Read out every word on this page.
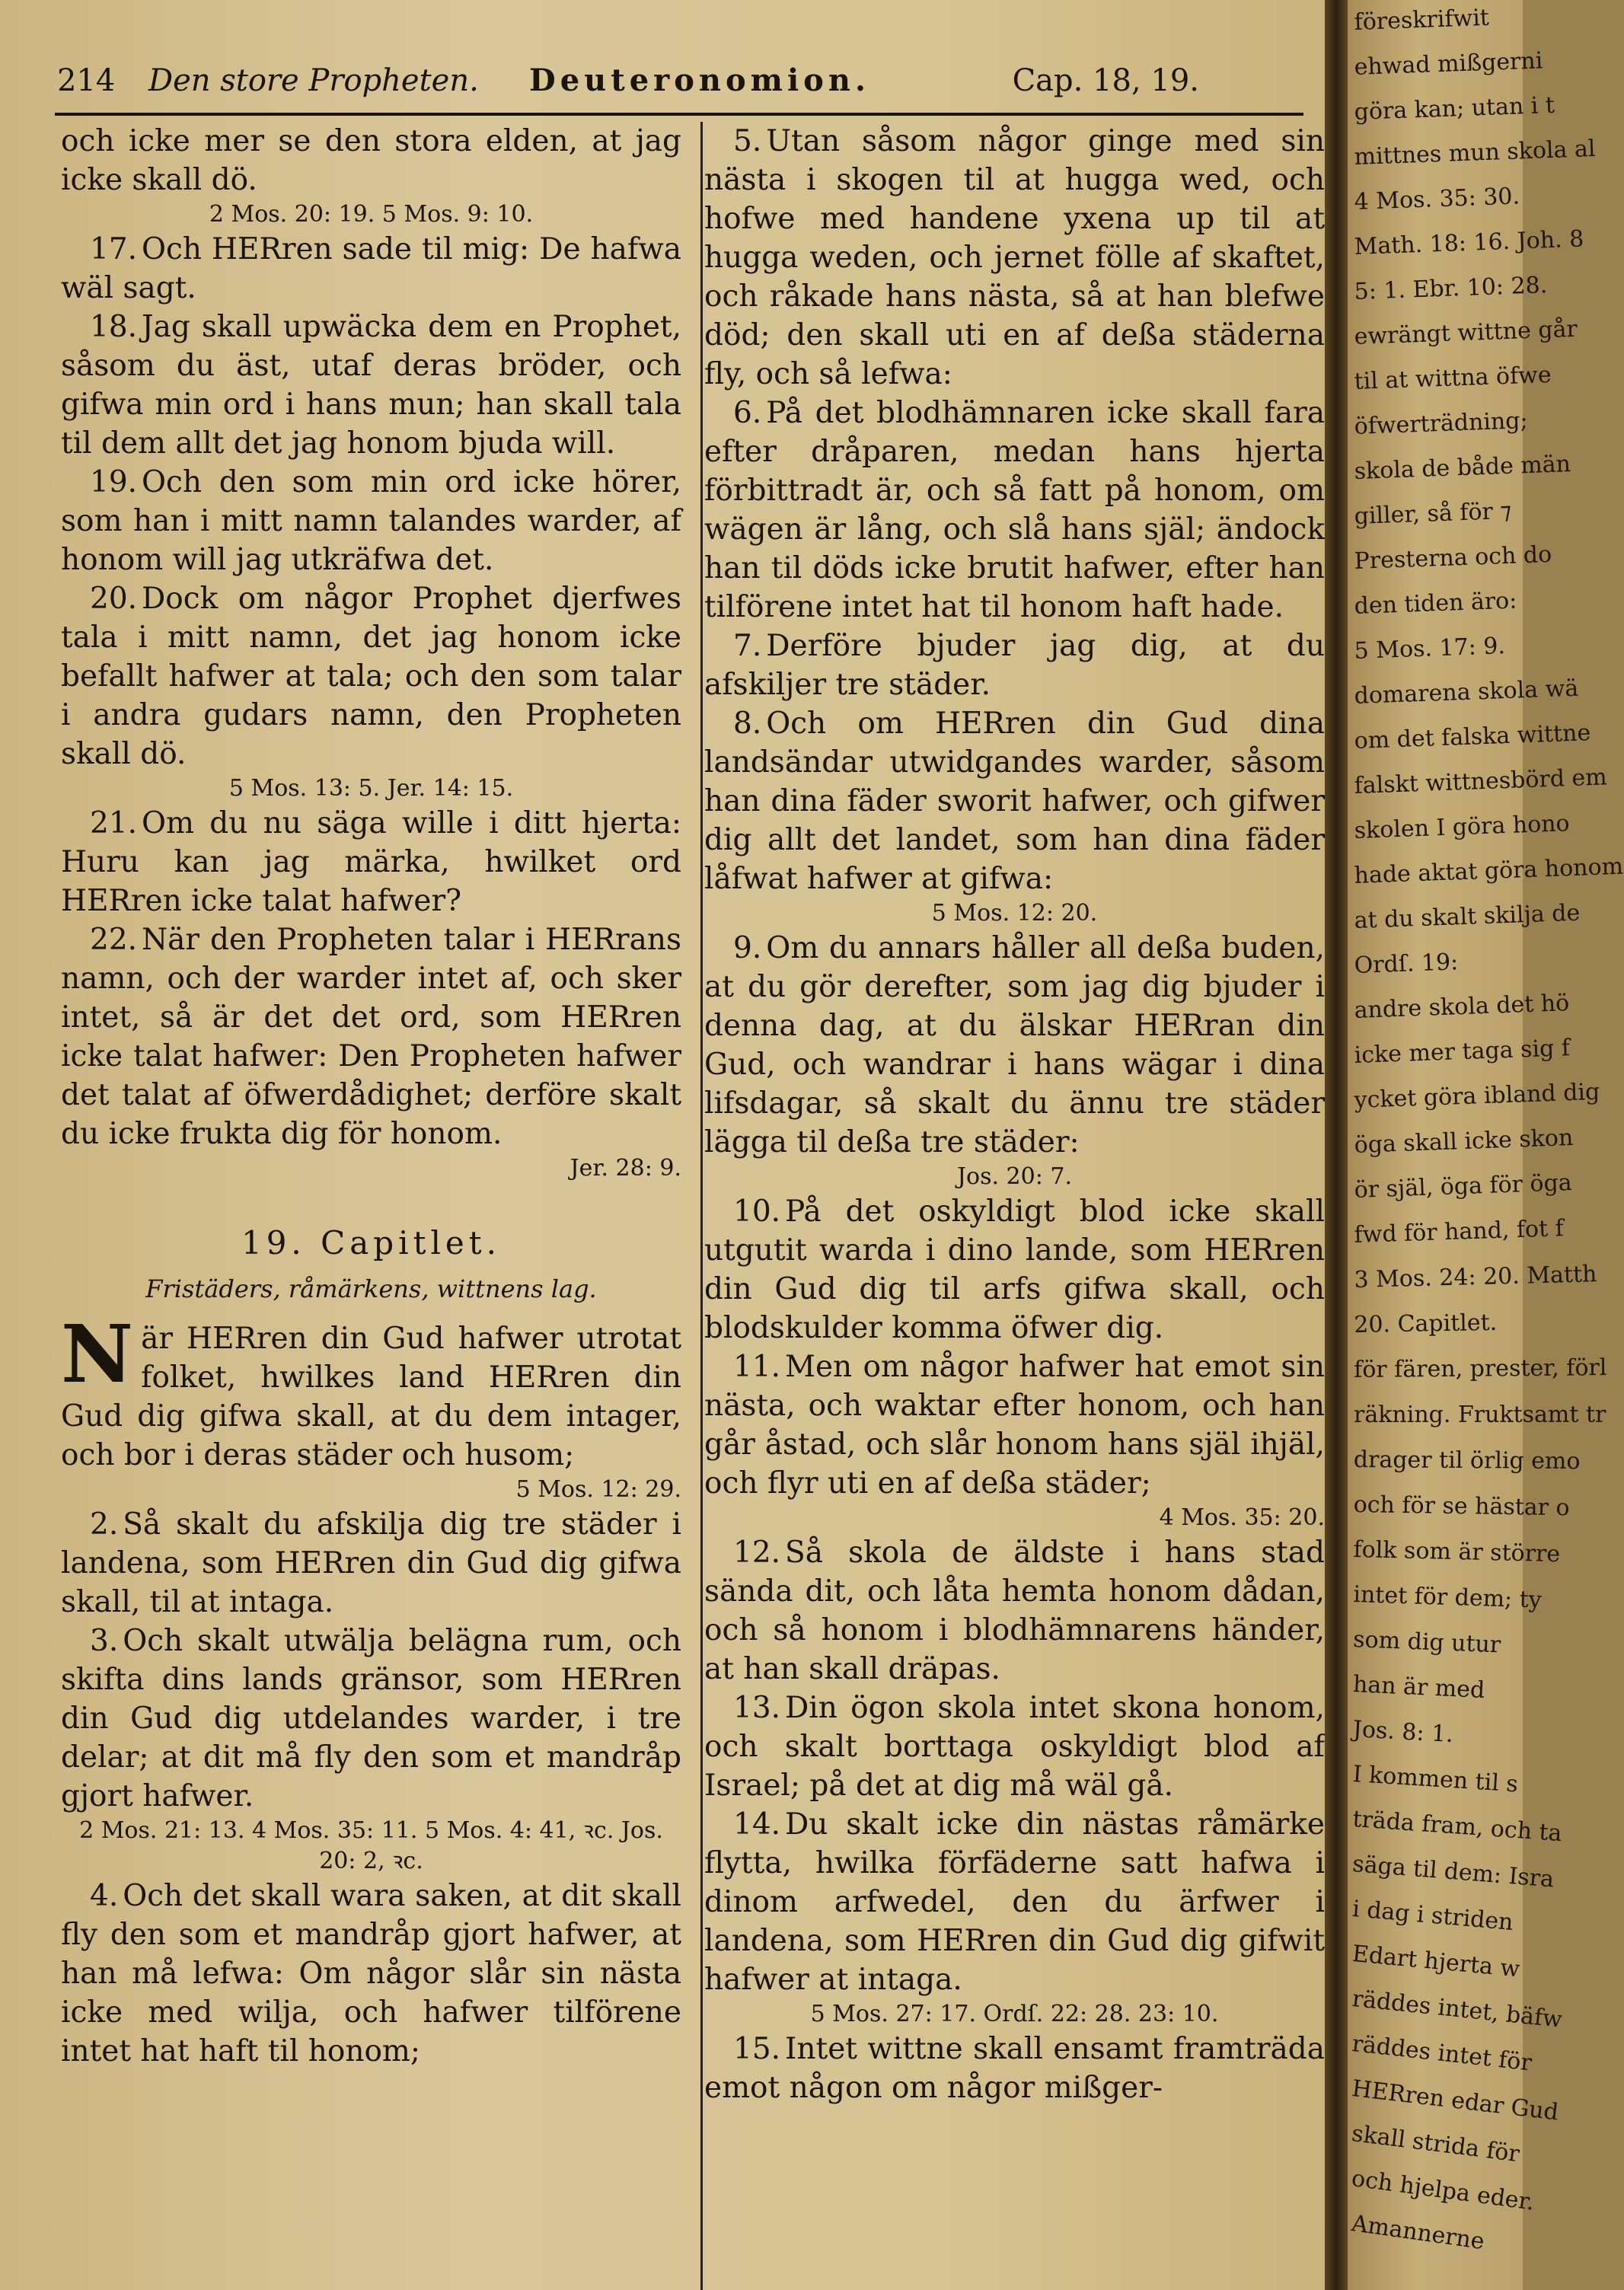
214	Den store Propheten.	Deuteronomion.	Cap. 18, 19.

och icke mer se den stora elden, at jag icke skall dö.

2 Mos. 20: 19. 5 Mos. 9: 10.

17. Och HERren sade til mig: De hafwa wäl sagt.

18. Jag skall upwäcka dem en Prophet, såsom du äst, utaf deras bröder, och gifwa min ord i hans mun; han skall tala til dem allt det jag honom bjuda will.

19. Och den som min ord icke hörer, som han i mitt namn talandes warder, af honom will jag utkräfwa det.

20. Dock om någor Prophet djerfwes tala i mitt namn, det jag honom icke befallt hafwer at tala; och den som talar i andra gudars namn, den Propheten skall dö.

5 Mos. 13: 5. Jer. 14: 15.

21. Om du nu säga wille i ditt hjerta: Huru kan jag märka, hwilket ord HERren icke talat hafwer?

22. När den Propheten talar i HERrans namn, och der warder intet af, och sker intet, så är det det ord, som HERren icke talat hafwer: Den Propheten hafwer det talat af öfwerdådighet; derföre skalt du icke frukta dig för honom.

Jer. 28: 9.

19. Capitlet.

Fristäders, råmärkens, wittnens lag.

När HERren din Gud hafwer utrotat folket, hwilkes land HERren din Gud dig gifwa skall, at du dem intager, och bor i deras städer och husom;

5 Mos. 12: 29.

2. Så skalt du afskilja dig tre städer i landena, som HERren din Gud dig gifwa skall, til at intaga.

3. Och skalt utwälja belägna rum, och skifta dins lands gränsor, som HERren din Gud dig utdelandes warder, i tre delar; at dit må fly den som et mandråp gjort hafwer.

2 Mos. 21: 13. 4 Mos. 35: 11. 5 Mos. 4: 41, ꝛc. Jos. 20: 2, ꝛc.

4. Och det skall wara saken, at dit skall fly den som et mandråp gjort hafwer, at han må lefwa: Om någor slår sin nästa icke med wilja, och hafwer tilförene intet hat haft til honom;

5. Utan såsom någor ginge med sin nästa i skogen til at hugga wed, och hofwe med handene yxena up til at hugga weden, och jernet fölle af skaftet, och råkade hans nästa, så at han blefwe död; den skall uti en af deßa städerna fly, och så lefwa:

6. På det blodhämnaren icke skall fara efter dråparen, medan hans hjerta förbittradt är, och så fatt på honom, om wägen är lång, och slå hans själ; ändock han til döds icke brutit hafwer, efter han tilförene intet hat til honom haft hade.

7. Derföre bjuder jag dig, at du afskiljer tre städer.

8. Och om HERren din Gud dina landsändar utwidgandes warder, såsom han dina fäder sworit hafwer, och gifwer dig allt det landet, som han dina fäder låfwat hafwer at gifwa:

5 Mos. 12: 20.

9. Om du annars håller all deßa buden, at du gör derefter, som jag dig bjuder i denna dag, at du älskar HERran din Gud, och wandrar i hans wägar i dina lifsdagar, så skalt du ännu tre städer lägga til deßa tre städer:

Jos. 20: 7.

10. På det oskyldigt blod icke skall utgutit warda i dino lande, som HERren din Gud dig til arfs gifwa skall, och blodskulder komma öfwer dig.

11. Men om någor hafwer hat emot sin nästa, och waktar efter honom, och han går åstad, och slår honom hans själ ihjäl, och flyr uti en af deßa städer;

4 Mos. 35: 20.

12. Så skola de äldste i hans stad sända dit, och låta hemta honom dådan, och så honom i blodhämnarens händer, at han skall dräpas.

13. Din ögon skola intet skona honom, och skalt borttaga oskyldigt blod af Israel; på det at dig må wäl gå.

14. Du skalt icke din nästas råmärke flytta, hwilka förfäderne satt hafwa i dinom arfwedel, den du ärfwer i landena, som HERren din Gud dig gifwit hafwer at intaga.

5 Mos. 27: 17. Ordſ. 22: 28. 23: 10.

15. Intet wittne skall ensamt framträda emot någon om någor mißger-

föreskrifwit
ehwad mißgerni
göra kan; utan i t
mittnes mun skola al
4 Mos. 35: 30.
Math. 18: 16. Joh. 8
5: 1. Ebr. 10: 28.
ewrängt wittne går
til at wittna öfwe
öfwerträdning;
skola de både män
giller, så för ⁊
Presterna och do
den tiden äro:
5 Mos. 17: 9.
domarena skola wä
om det falska wittne
falskt wittnesbörd em
skolen I göra hono
hade aktat göra honom
at du skalt skilja de
Ordſ. 19:
andre skola det hö
icke mer taga sig f
ycket göra ibland dig
öga skall icke skon
ör själ, öga för öga
fwd för hand, fot f
3 Mos. 24: 20. Matth
20. Capitlet.
för fären, prester, förl
räkning. Fruktsamt tr
drager til örlig emo
och för se hästar o
folk som är större
intet för dem; ty
som dig utur
han är med
Jos. 8: 1.
I kommen til s
träda fram, och ta
säga til dem: Isra
i dag i striden
Edart hjerta w
räddes intet, bäfw
räddes intet för
HERren edar Gud
skall strida för
och hjelpa eder.
Amannerne
